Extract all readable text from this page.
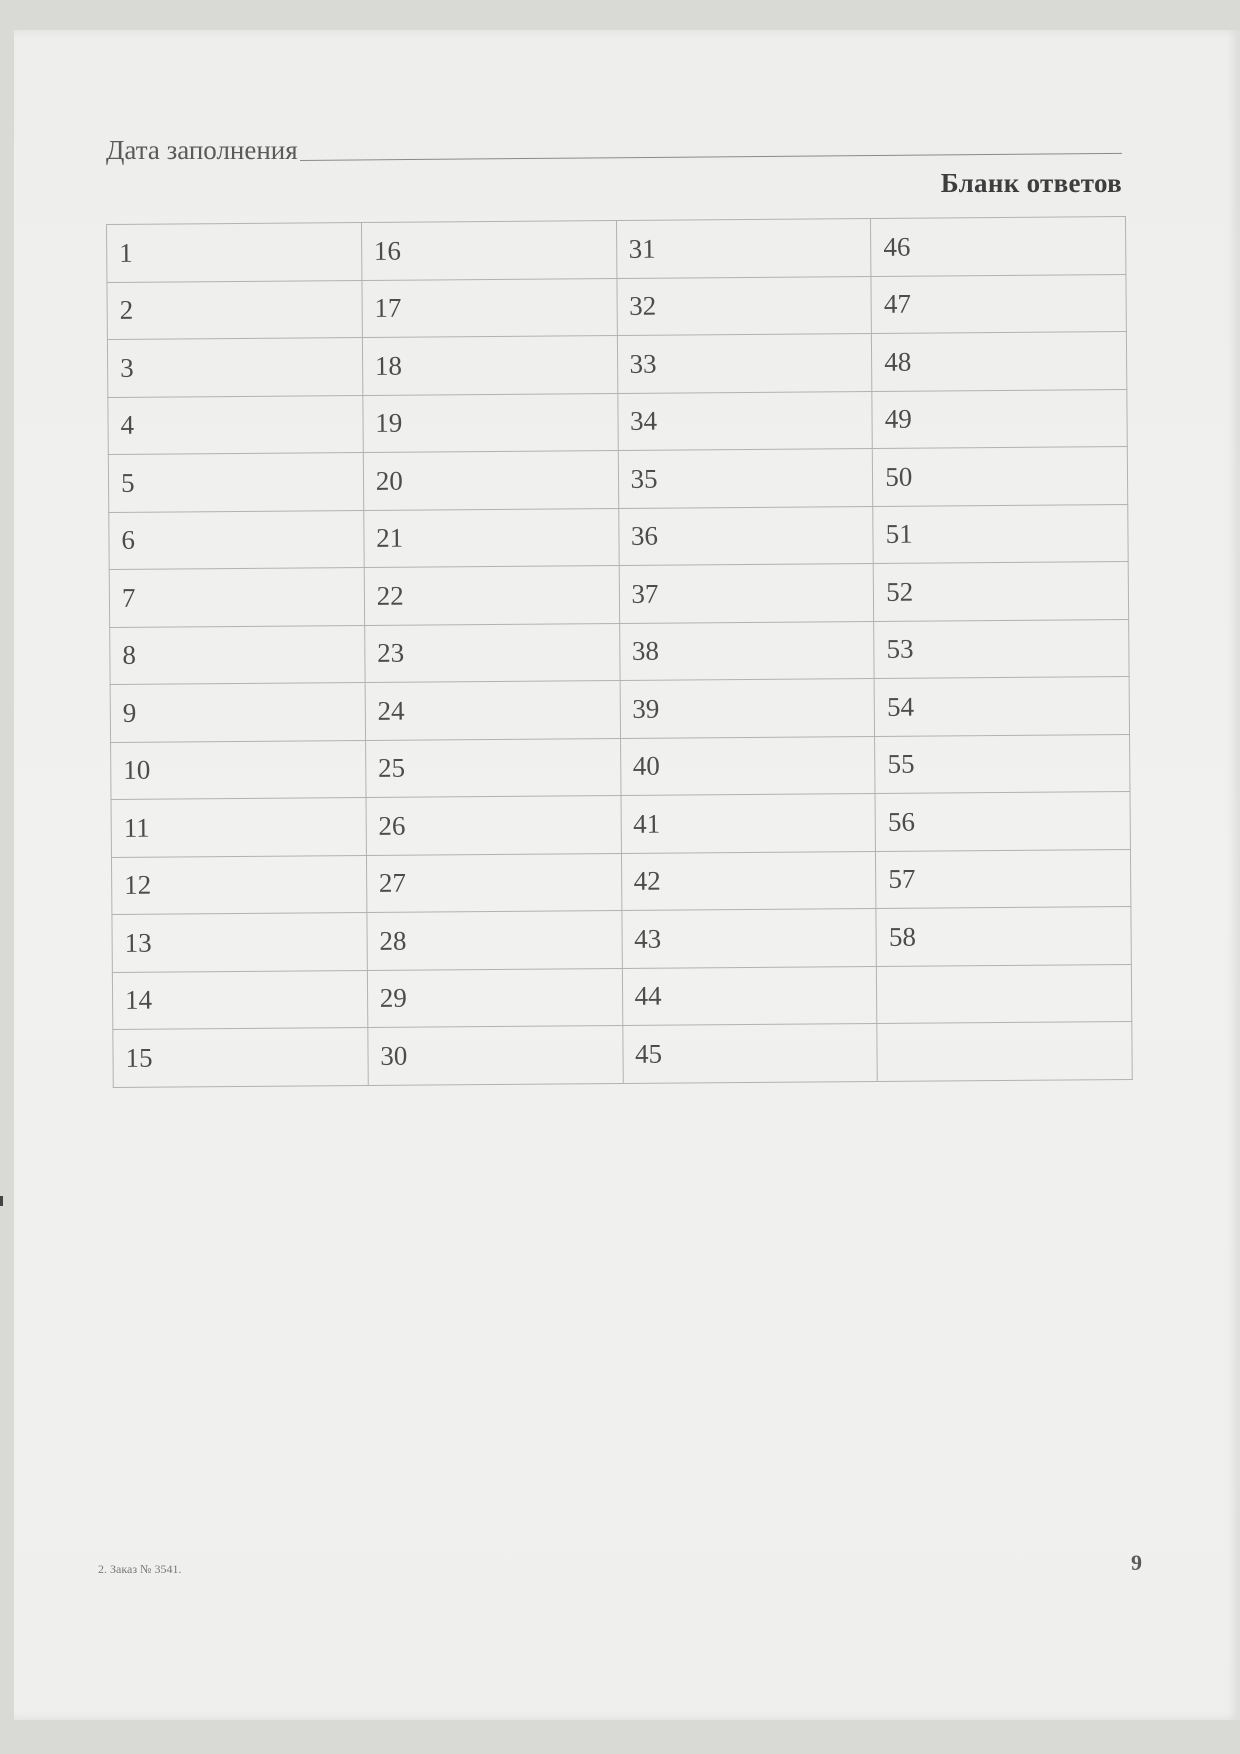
Дата заполнения
Бланк ответов
1	16	31	46
2	17	32	47
3	18	33	48
4	19	34	49
5	20	35	50
6	21	36	51
7	22	37	52
8	23	38	53
9	24	39	54
10	25	40	55
11	26	41	56
12	27	42	57
13	28	43	58
14	29	44	
15	30	45	
2. Заказ № 3541.	9
